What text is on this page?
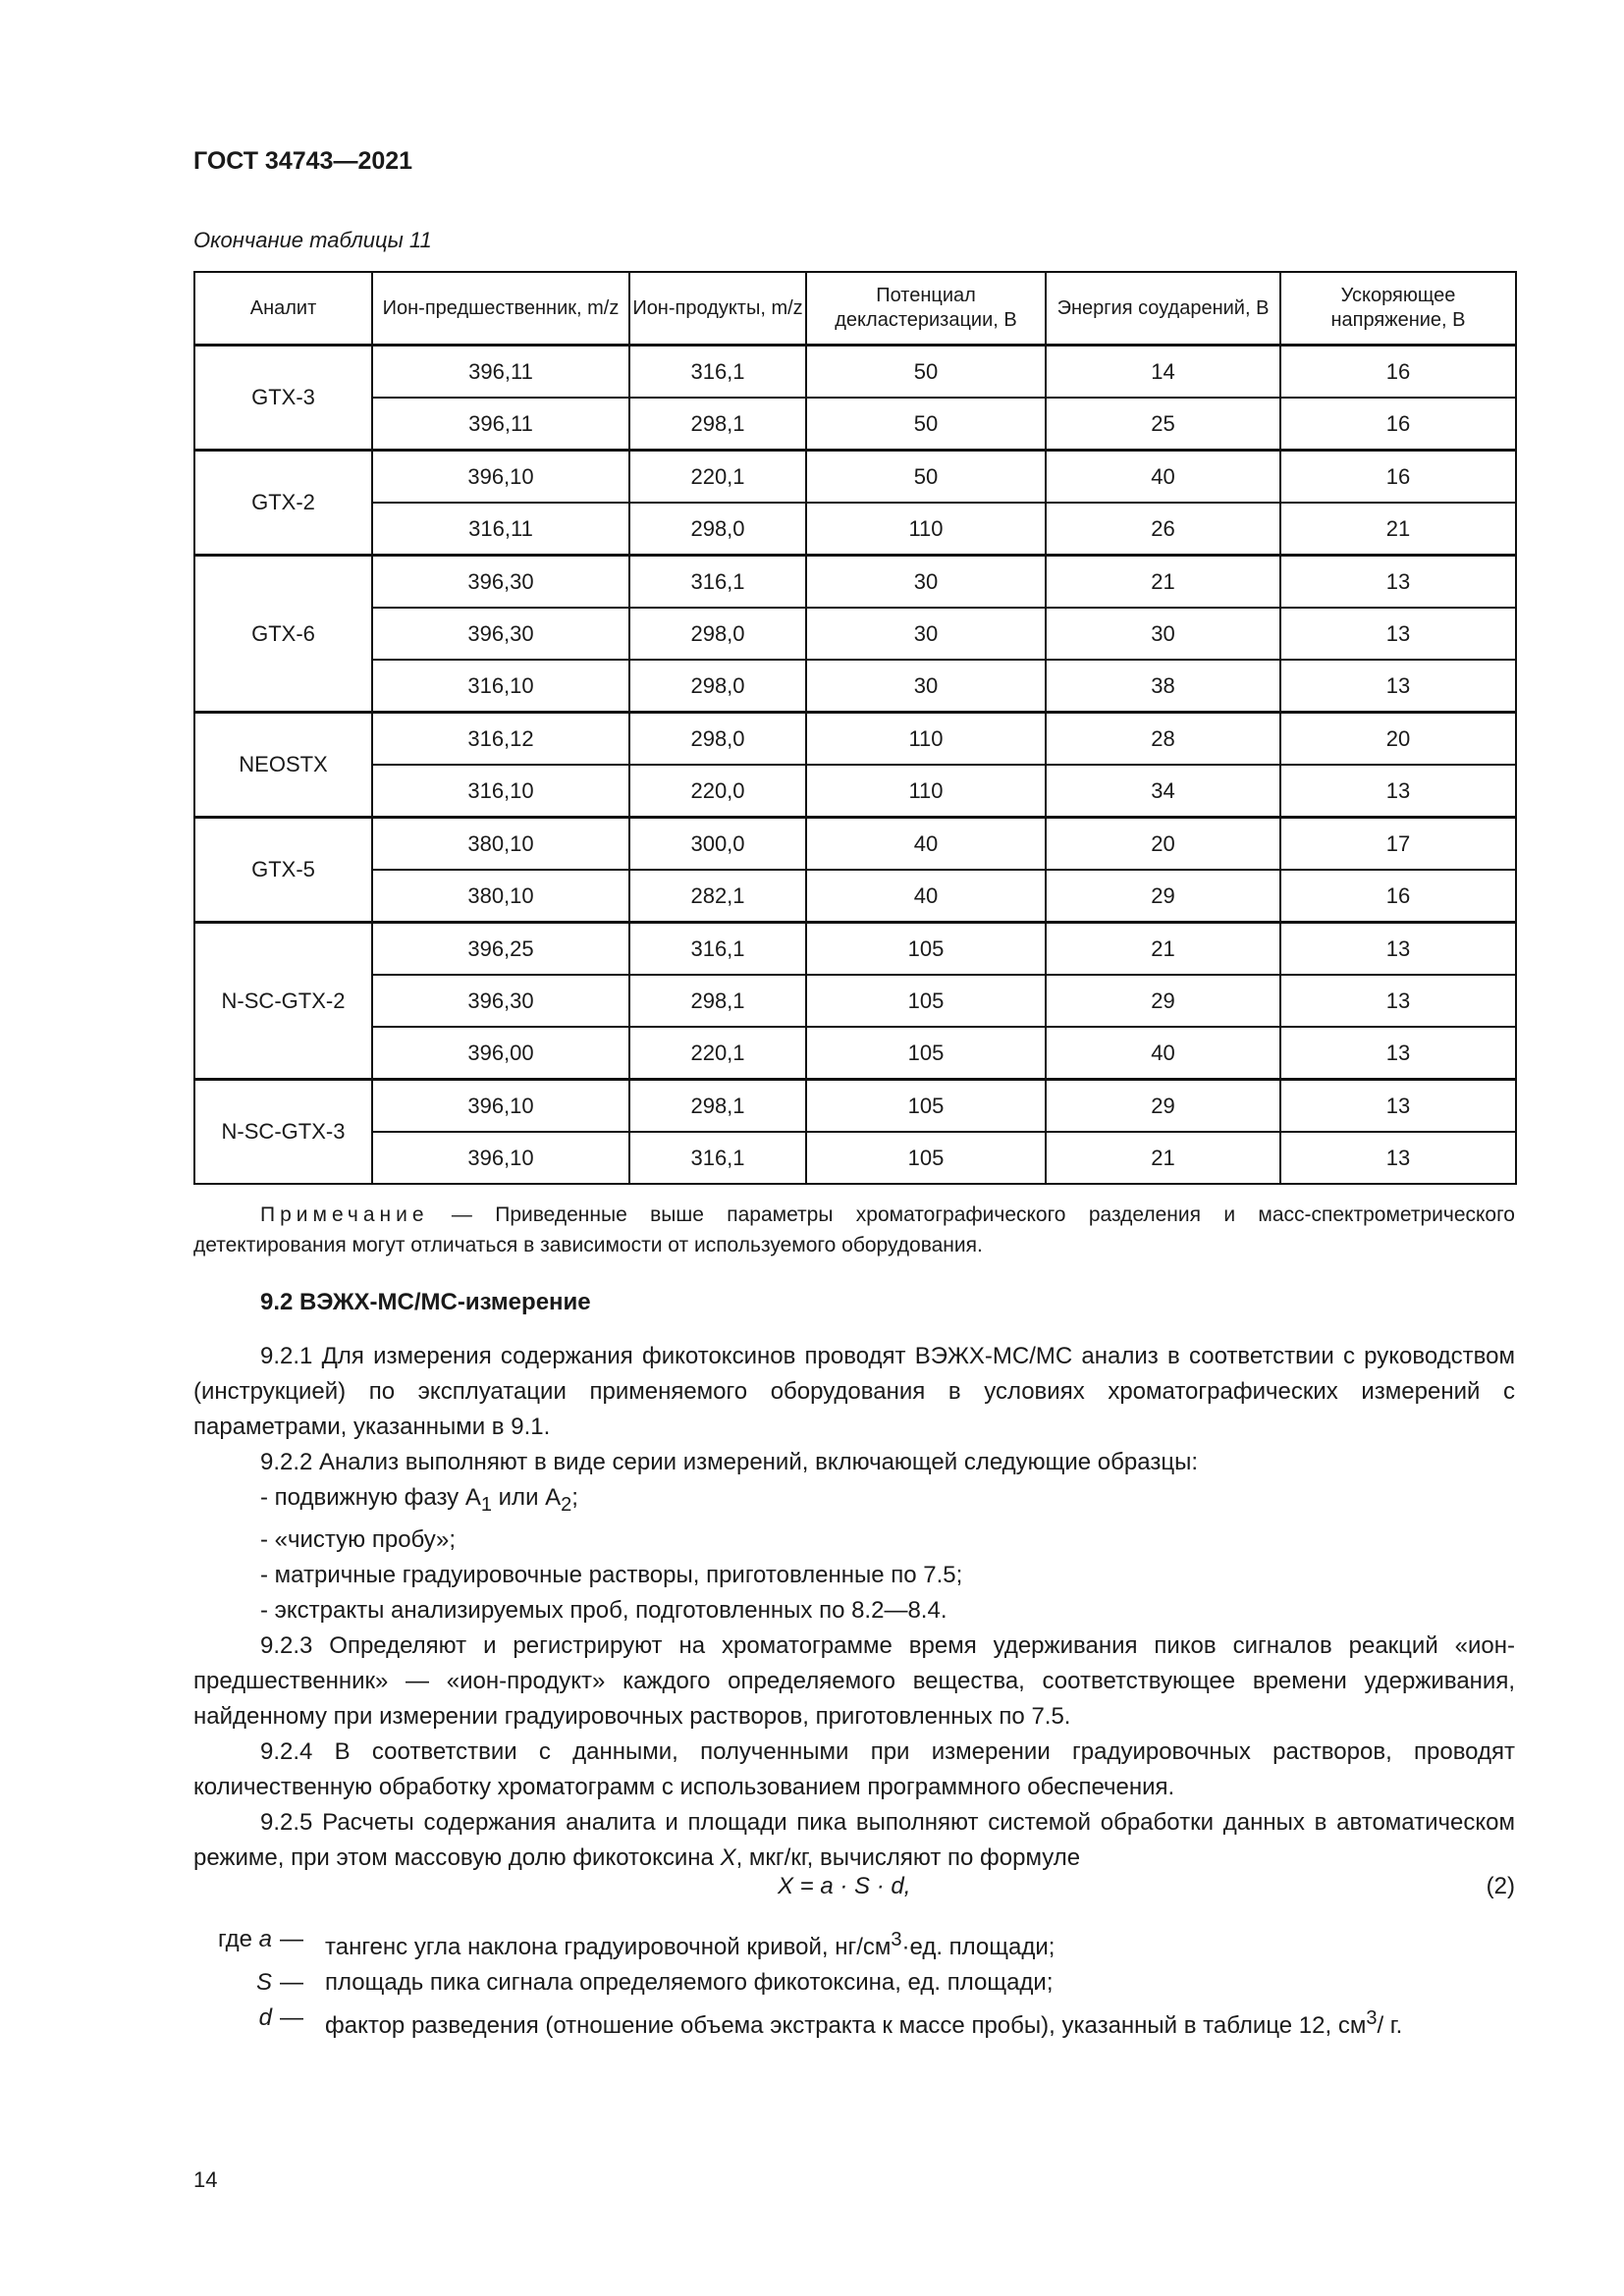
ГОСТ 34743—2021
Окончание таблицы 11
Аналит	Ион-предшественник, m/z	Ион-продукты, m/z	Потенциал декластеризации, В	Энергия соударений, В	Ускоряющее напряжение, В
GTX-3	396,11	316,1	50	14	16
	396,11	298,1	50	25	16
GTX-2	396,10	220,1	50	40	16
	316,11	298,0	110	26	21
GTX-6	396,30	316,1	30	21	13
	396,30	298,0	30	30	13
	316,10	298,0	30	38	13
NEOSTX	316,12	298,0	110	28	20
	316,10	220,0	110	34	13
GTX-5	380,10	300,0	40	20	17
	380,10	282,1	40	29	16
N-SC-GTX-2	396,25	316,1	105	21	13
	396,30	298,1	105	29	13
	396,00	220,1	105	40	13
N-SC-GTX-3	396,10	298,1	105	29	13
	396,10	316,1	105	21	13
Примечание — Приведенные выше параметры хроматографического разделения и масс-спектрометрического детектирования могут отличаться в зависимости от используемого оборудования.
9.2 ВЭЖХ-МС/МС-измерение
9.2.1 Для измерения содержания фикотоксинов проводят ВЭЖХ-МС/МС анализ в соответствии с руководством (инструкцией) по эксплуатации применяемого оборудования в условиях хроматографических измерений с параметрами, указанными в 9.1.
9.2.2 Анализ выполняют в виде серии измерений, включающей следующие образцы:
- подвижную фазу $А_1$ или $А_2$;
- «чистую пробу»;
- матричные градуировочные растворы, приготовленные по 7.5;
- экстракты анализируемых проб, подготовленных по 8.2—8.4.
9.2.3 Определяют и регистрируют на хроматограмме время удерживания пиков сигналов реакций «ион-предшественник» — «ион-продукт» каждого определяемого вещества, соответствующее времени удерживания, найденному при измерении градуировочных растворов, приготовленных по 7.5.
9.2.4 В соответствии с данными, полученными при измерении градуировочных растворов, проводят количественную обработку хроматограмм с использованием программного обеспечения.
9.2.5 Расчеты содержания аналита и площади пика выполняют системой обработки данных в автоматическом режиме, при этом массовую долю фикотоксина X, мкг/кг, вычисляют по формуле
X = a · S · d,	(2)
где a — тангенс угла наклона градуировочной кривой, $нг/см^3\cdot ед$. площади;
S — площадь пика сигнала определяемого фикотоксина, ед. площади;
d — фактор разведения (отношение объема экстракта к массе пробы), указанный в таблице 12, $см^3/$ г.
14
